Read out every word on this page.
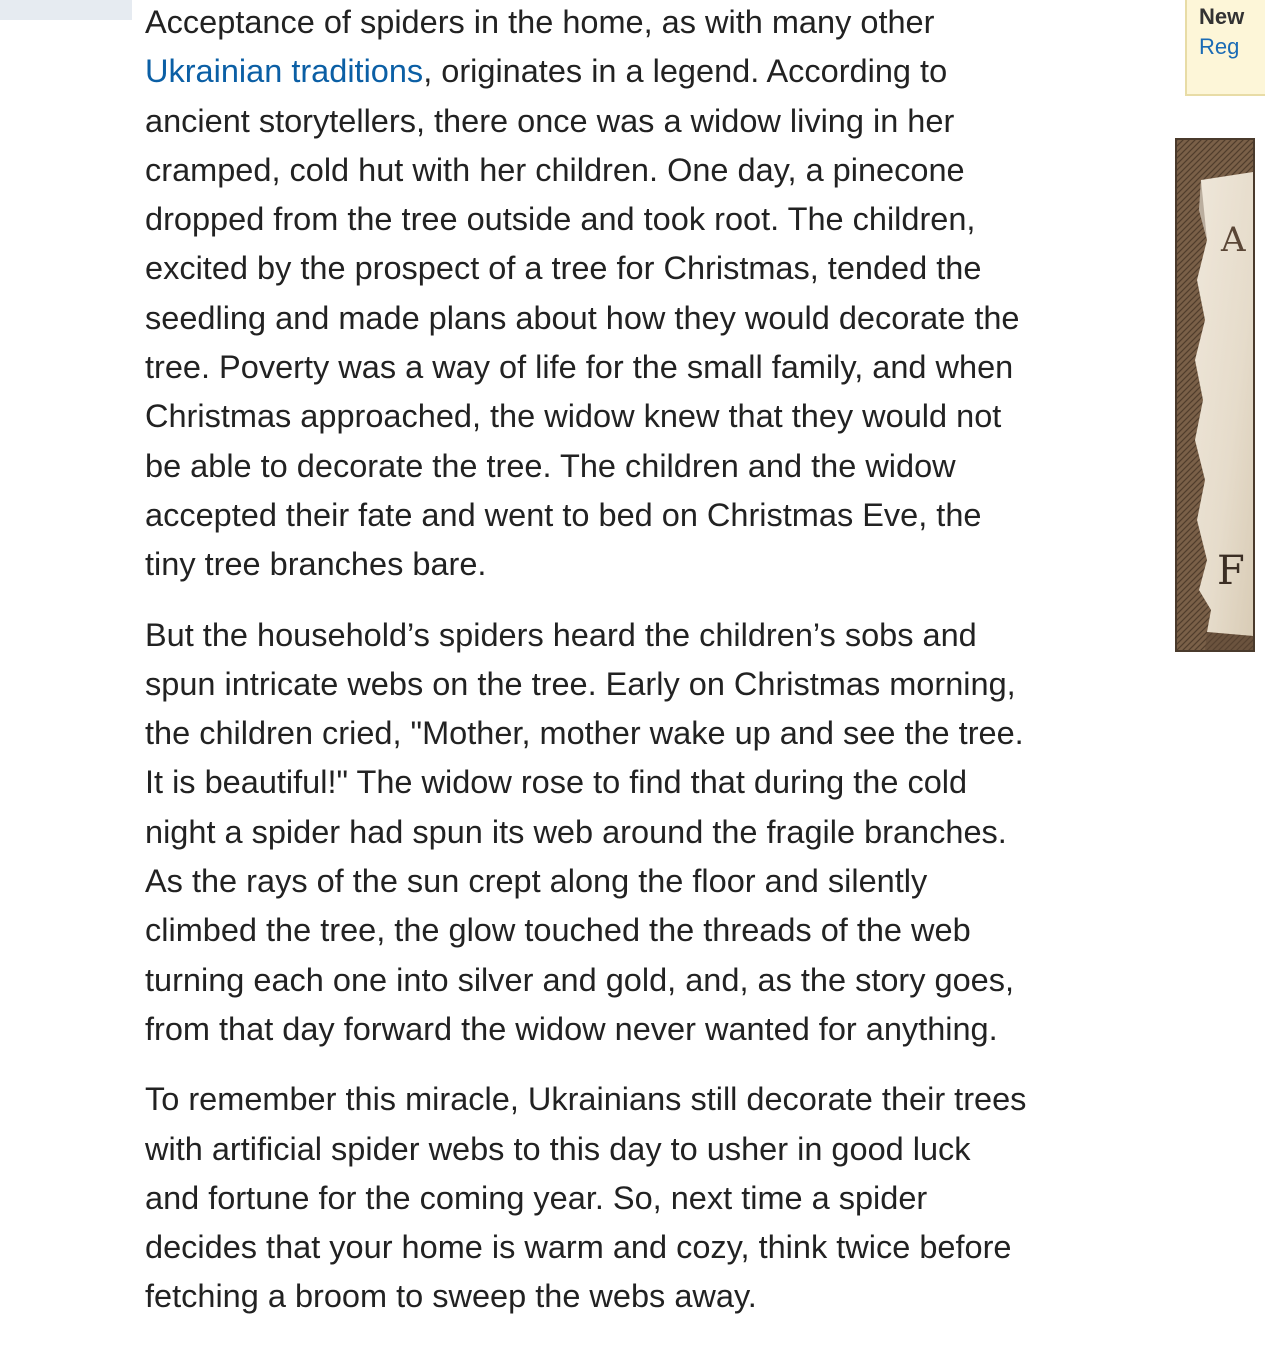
Acceptance of spiders in the home, as with many other
Ukrainian traditions, originates in a legend. According to
ancient storytellers, there once was a widow living in her
cramped, cold hut with her children. One day, a pinecone
dropped from the tree outside and took root. The children,
excited by the prospect of a tree for Christmas, tended the
seedling and made plans about how they would decorate the
tree. Poverty was a way of life for the small family, and when
Christmas approached, the widow knew that they would not
be able to decorate the tree. The children and the widow
accepted their fate and went to bed on Christmas Eve, the
tiny tree branches bare.

But the household’s spiders heard the children’s sobs and
spun intricate webs on the tree. Early on Christmas morning,
the children cried, "Mother, mother wake up and see the tree.
It is beautiful!" The widow rose to find that during the cold
night a spider had spun its web around the fragile branches.
As the rays of the sun crept along the floor and silently
climbed the tree, the glow touched the threads of the web
turning each one into silver and gold, and, as the story goes,
from that day forward the widow never wanted for anything.

To remember this miracle, Ukrainians still decorate their trees
with artificial spider webs to this day to usher in good luck
and fortune for the coming year. So, next time a spider
decides that your home is warm and cozy, think twice before
fetching a broom to sweep the webs away.

New
Reg
A
F
